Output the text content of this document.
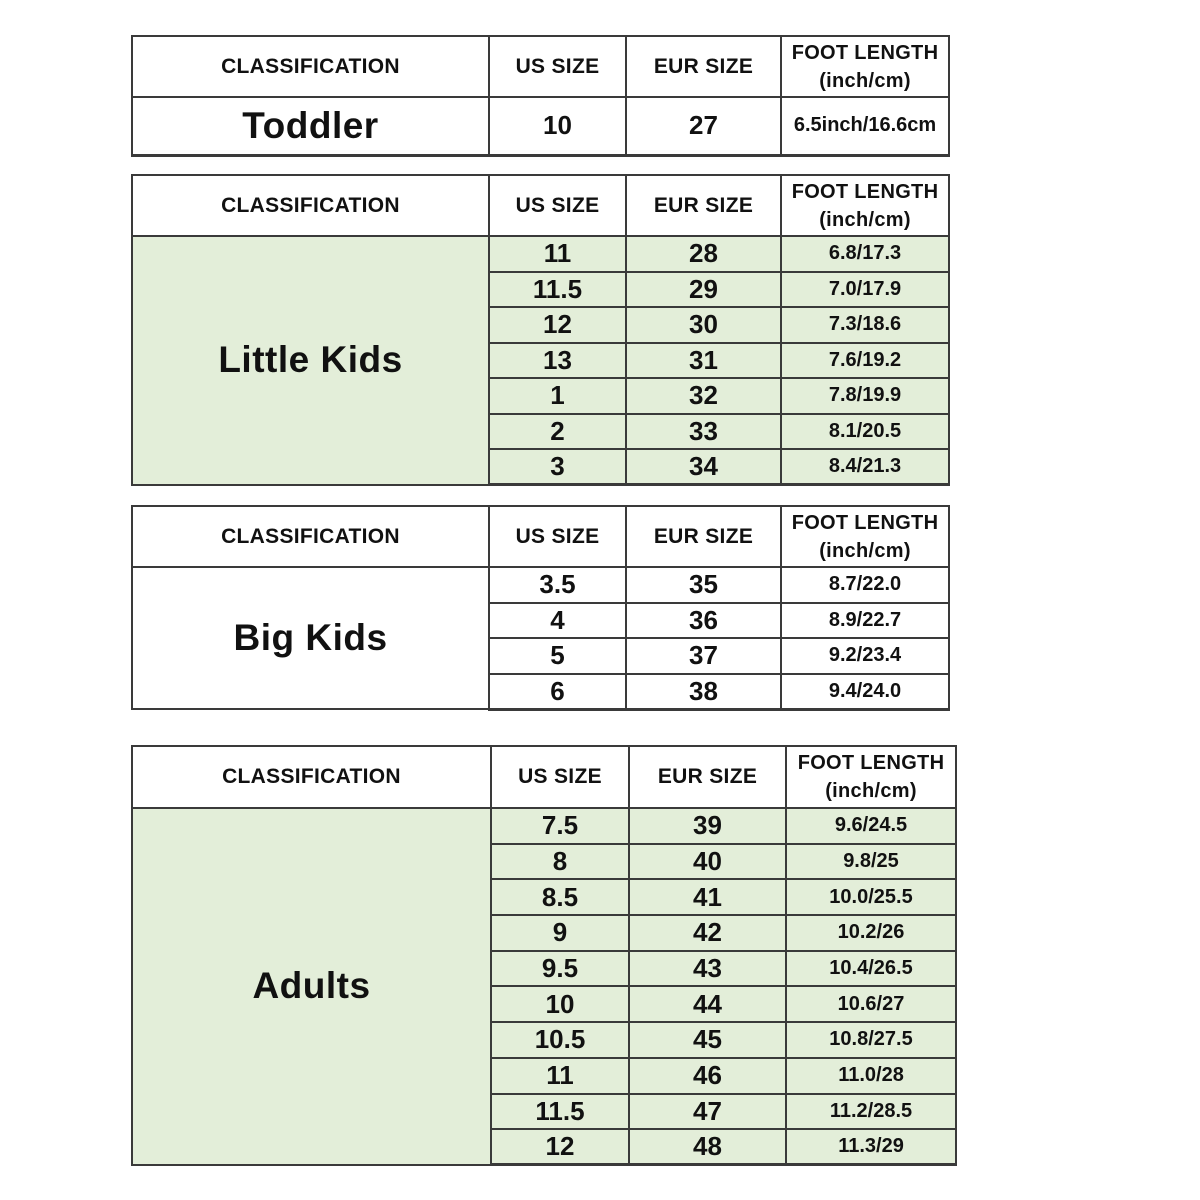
CLASSIFICATION	US SIZE	EUR SIZE	FOOT LENGTH
(inch/cm)
Toddler	10	27	6.5inch/16.6cm
CLASSIFICATION	US SIZE	EUR SIZE	FOOT LENGTH
(inch/cm)
Little Kids	11	28	6.8/17.3
	11.5	29	7.0/17.9
	12	30	7.3/18.6
	13	31	7.6/19.2
	1	32	7.8/19.9
	2	33	8.1/20.5
	3	34	8.4/21.3
CLASSIFICATION	US SIZE	EUR SIZE	FOOT LENGTH
(inch/cm)
Big Kids	3.5	35	8.7/22.0
	4	36	8.9/22.7
	5	37	9.2/23.4
	6	38	9.4/24.0
CLASSIFICATION	US SIZE	EUR SIZE	FOOT LENGTH
(inch/cm)
Adults	7.5	39	9.6/24.5
	8	40	9.8/25
	8.5	41	10.0/25.5
	9	42	10.2/26
	9.5	43	10.4/26.5
	10	44	10.6/27
	10.5	45	10.8/27.5
	11	46	11.0/28
	11.5	47	11.2/28.5
	12	48	11.3/29
